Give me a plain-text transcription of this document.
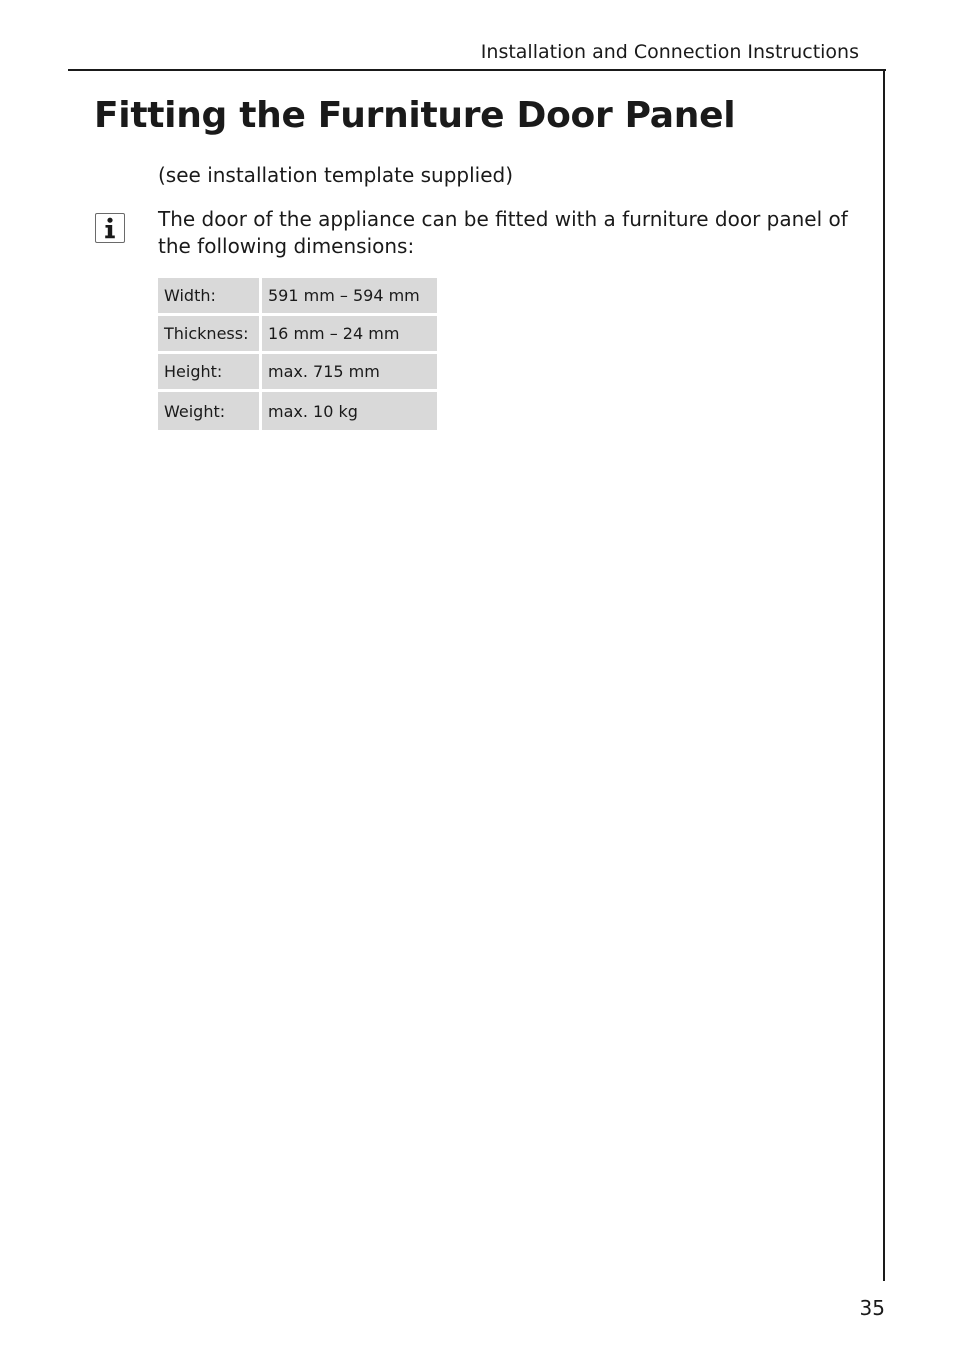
Installation and Connection Instructions
Fitting the Furniture Door Panel

(see installation template supplied)

The door of the appliance can be fitted with a furniture door panel of the following dimensions:

Width:	591 mm – 594 mm
Thickness:	16 mm – 24 mm
Height:	max. 715 mm
Weight:	max. 10 kg
35
